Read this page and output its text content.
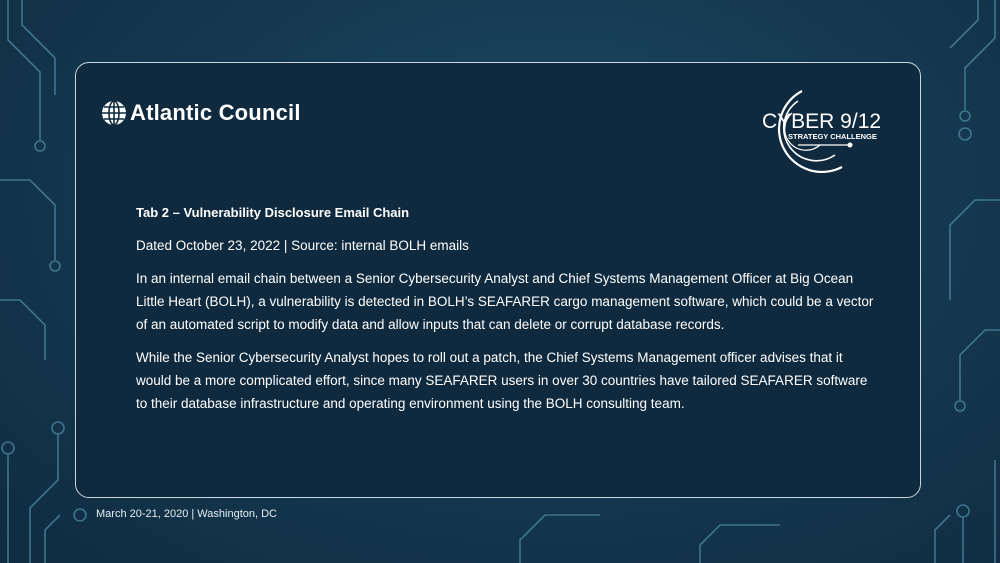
Atlantic Council	CYBER 9/12
STRATEGY CHALLENGE

Tab 2 – Vulnerability Disclosure Email Chain

Dated October 23, 2022 | Source: internal BOLH emails

In an internal email chain between a Senior Cybersecurity Analyst and Chief Systems Management Officer at Big Ocean Little Heart (BOLH), a vulnerability is detected in BOLH’s SEAFARER cargo management software, which could be a vector of an automated script to modify data and allow inputs that can delete or corrupt database records.

While the Senior Cybersecurity Analyst hopes to roll out a patch, the Chief Systems Management officer advises that it would be a more complicated effort, since many SEAFARER users in over 30 countries have tailored SEAFARER software to their database infrastructure and operating environment using the BOLH consulting team.

March 20-21, 2020 | Washington, DC
